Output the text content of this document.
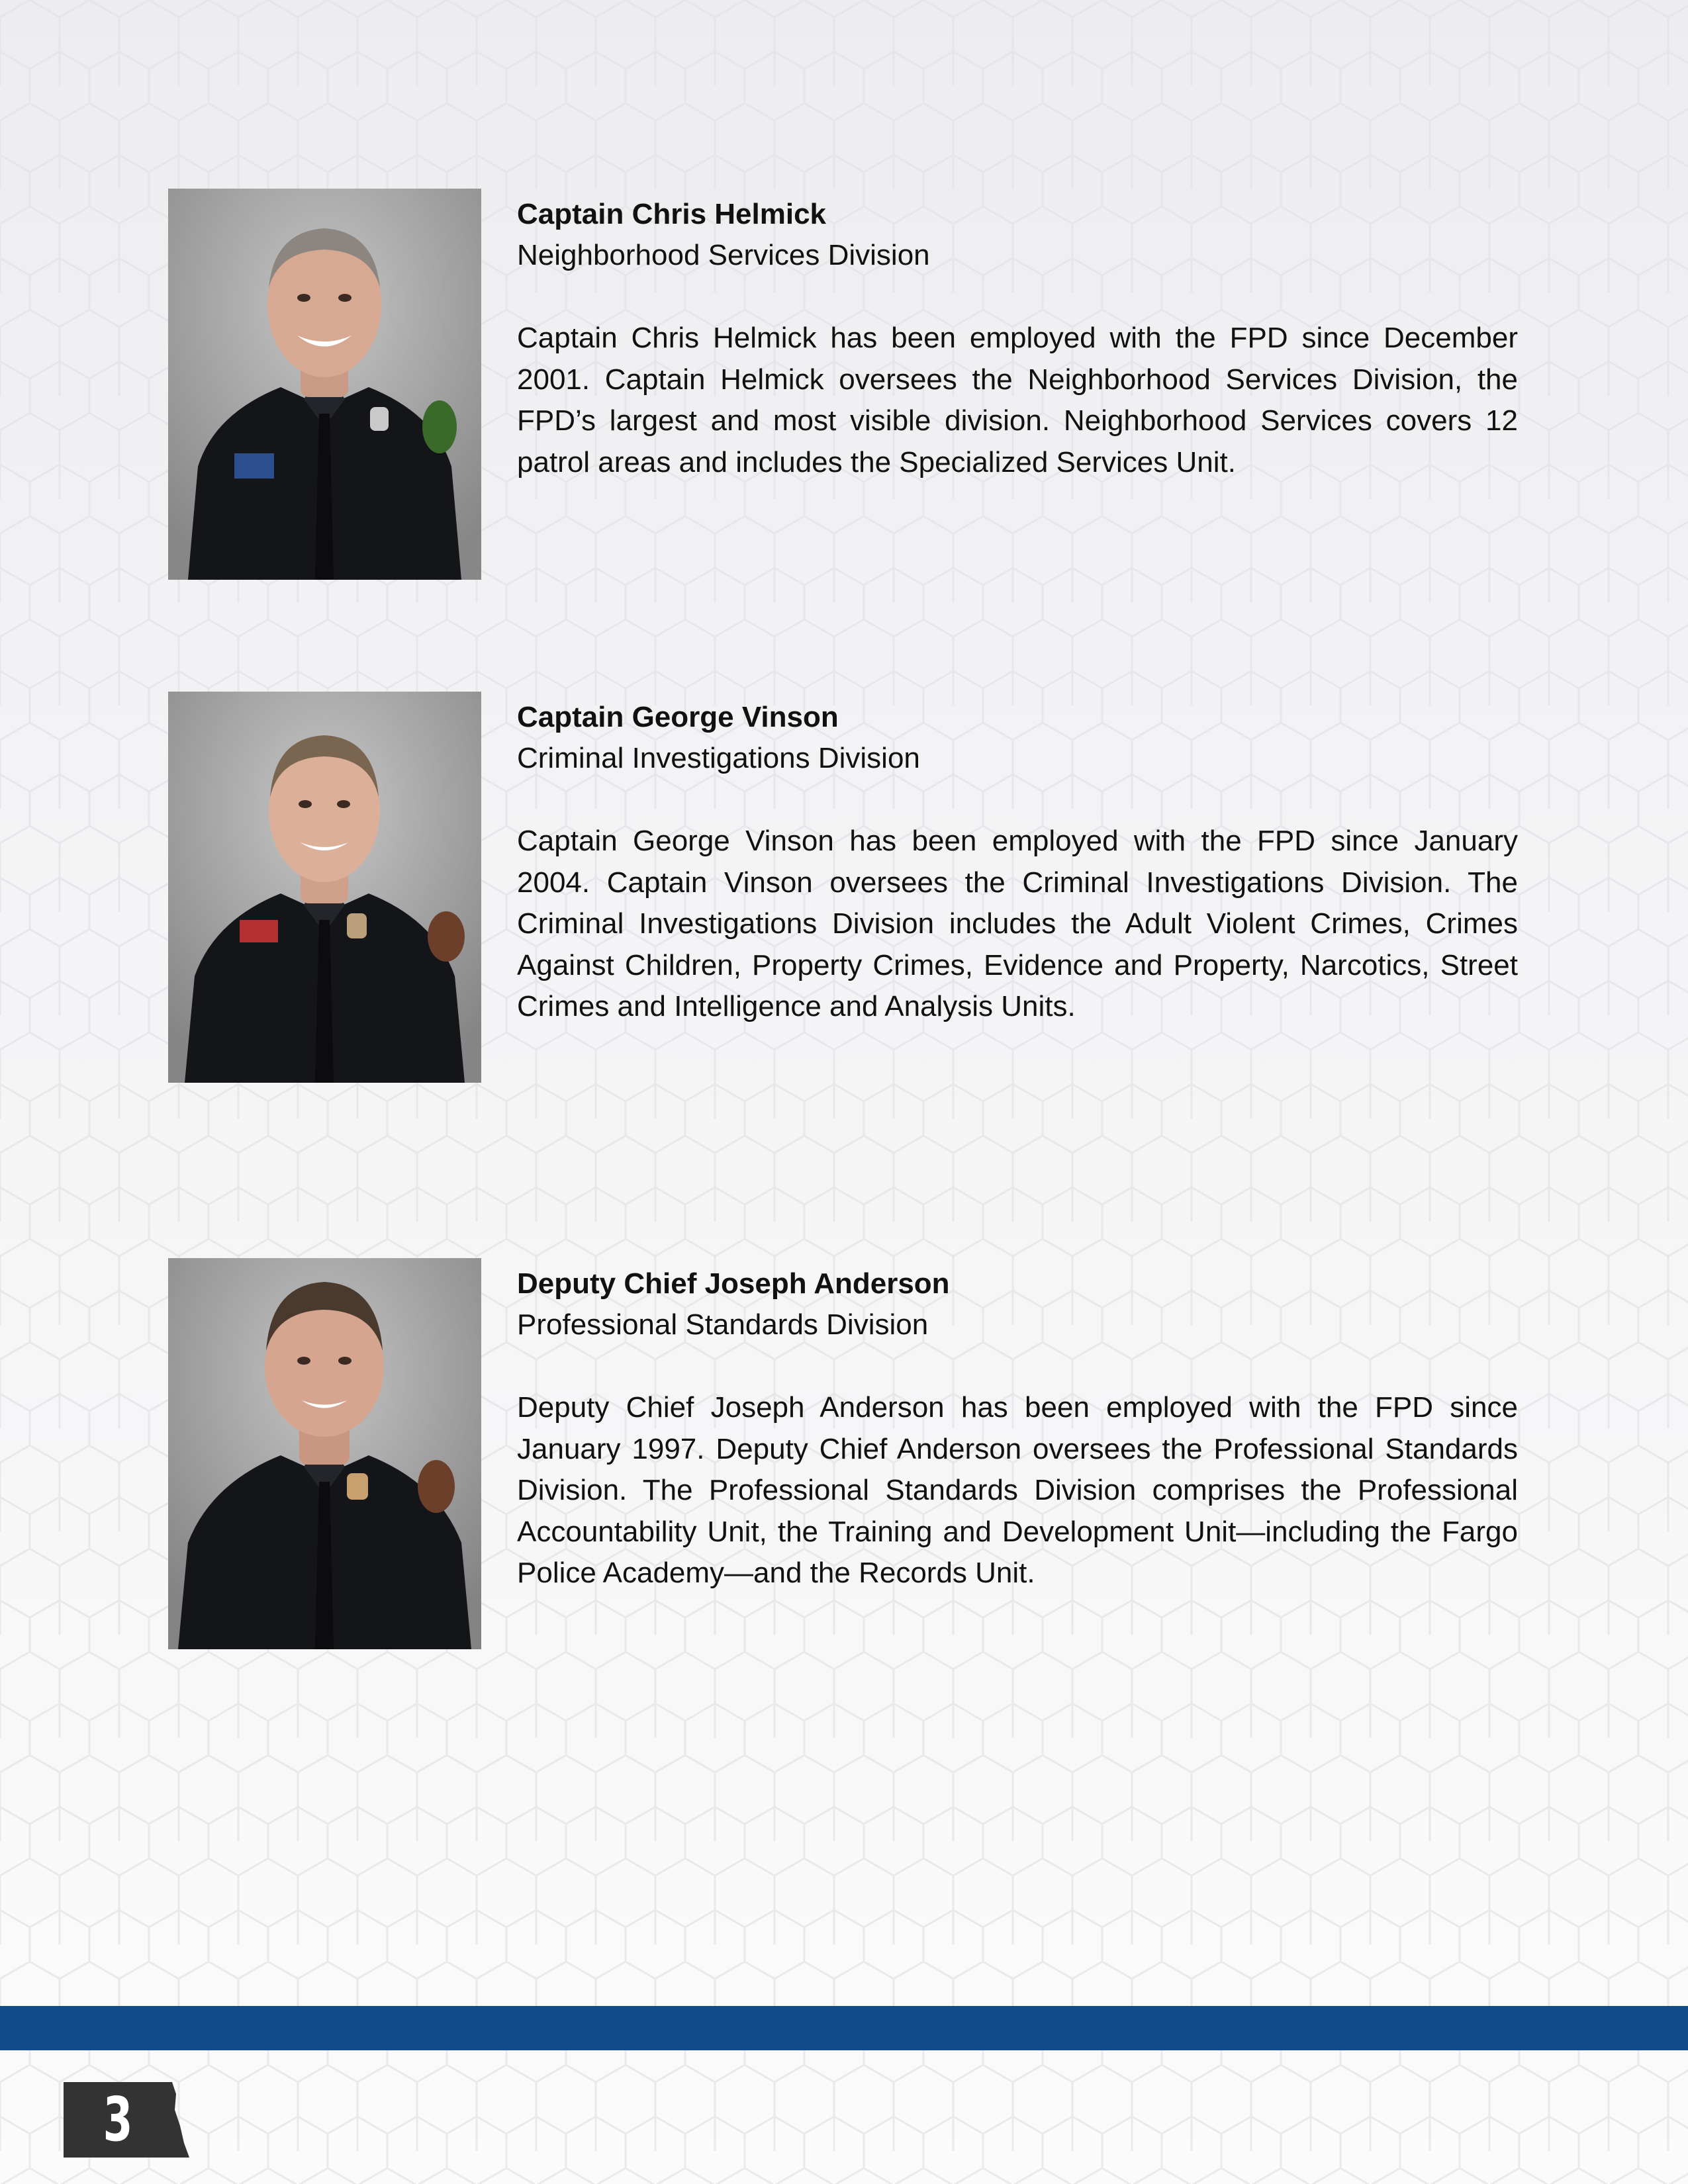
Captain Chris Helmick

Neighborhood Services Division

Captain Chris Helmick has been employed with the FPD since December 2001. Captain Helmick oversees the Neighborhood Services Division, the FPD’s largest and most visible division. Neighborhood Services covers 12 patrol areas and includes the Specialized Services Unit.

Captain George Vinson

Criminal Investigations Division

Captain George Vinson has been employed with the FPD since January 2004. Captain Vinson oversees the Criminal Investigations Division. The Criminal Investigations Division includes the Adult Violent Crimes, Crimes Against Children, Property Crimes, Evidence and Property, Narcotics, Street Crimes and Intelligence and Analysis Units.

Deputy Chief Joseph Anderson

Professional Standards Division

Deputy Chief Joseph Anderson has been employed with the FPD since January 1997. Deputy Chief Anderson oversees the Professional Standards Division. The Professional Standards Division comprises the Professional Accountability Unit, the Training and Development Unit—including the Fargo Police Academy—and the Records Unit.

3
